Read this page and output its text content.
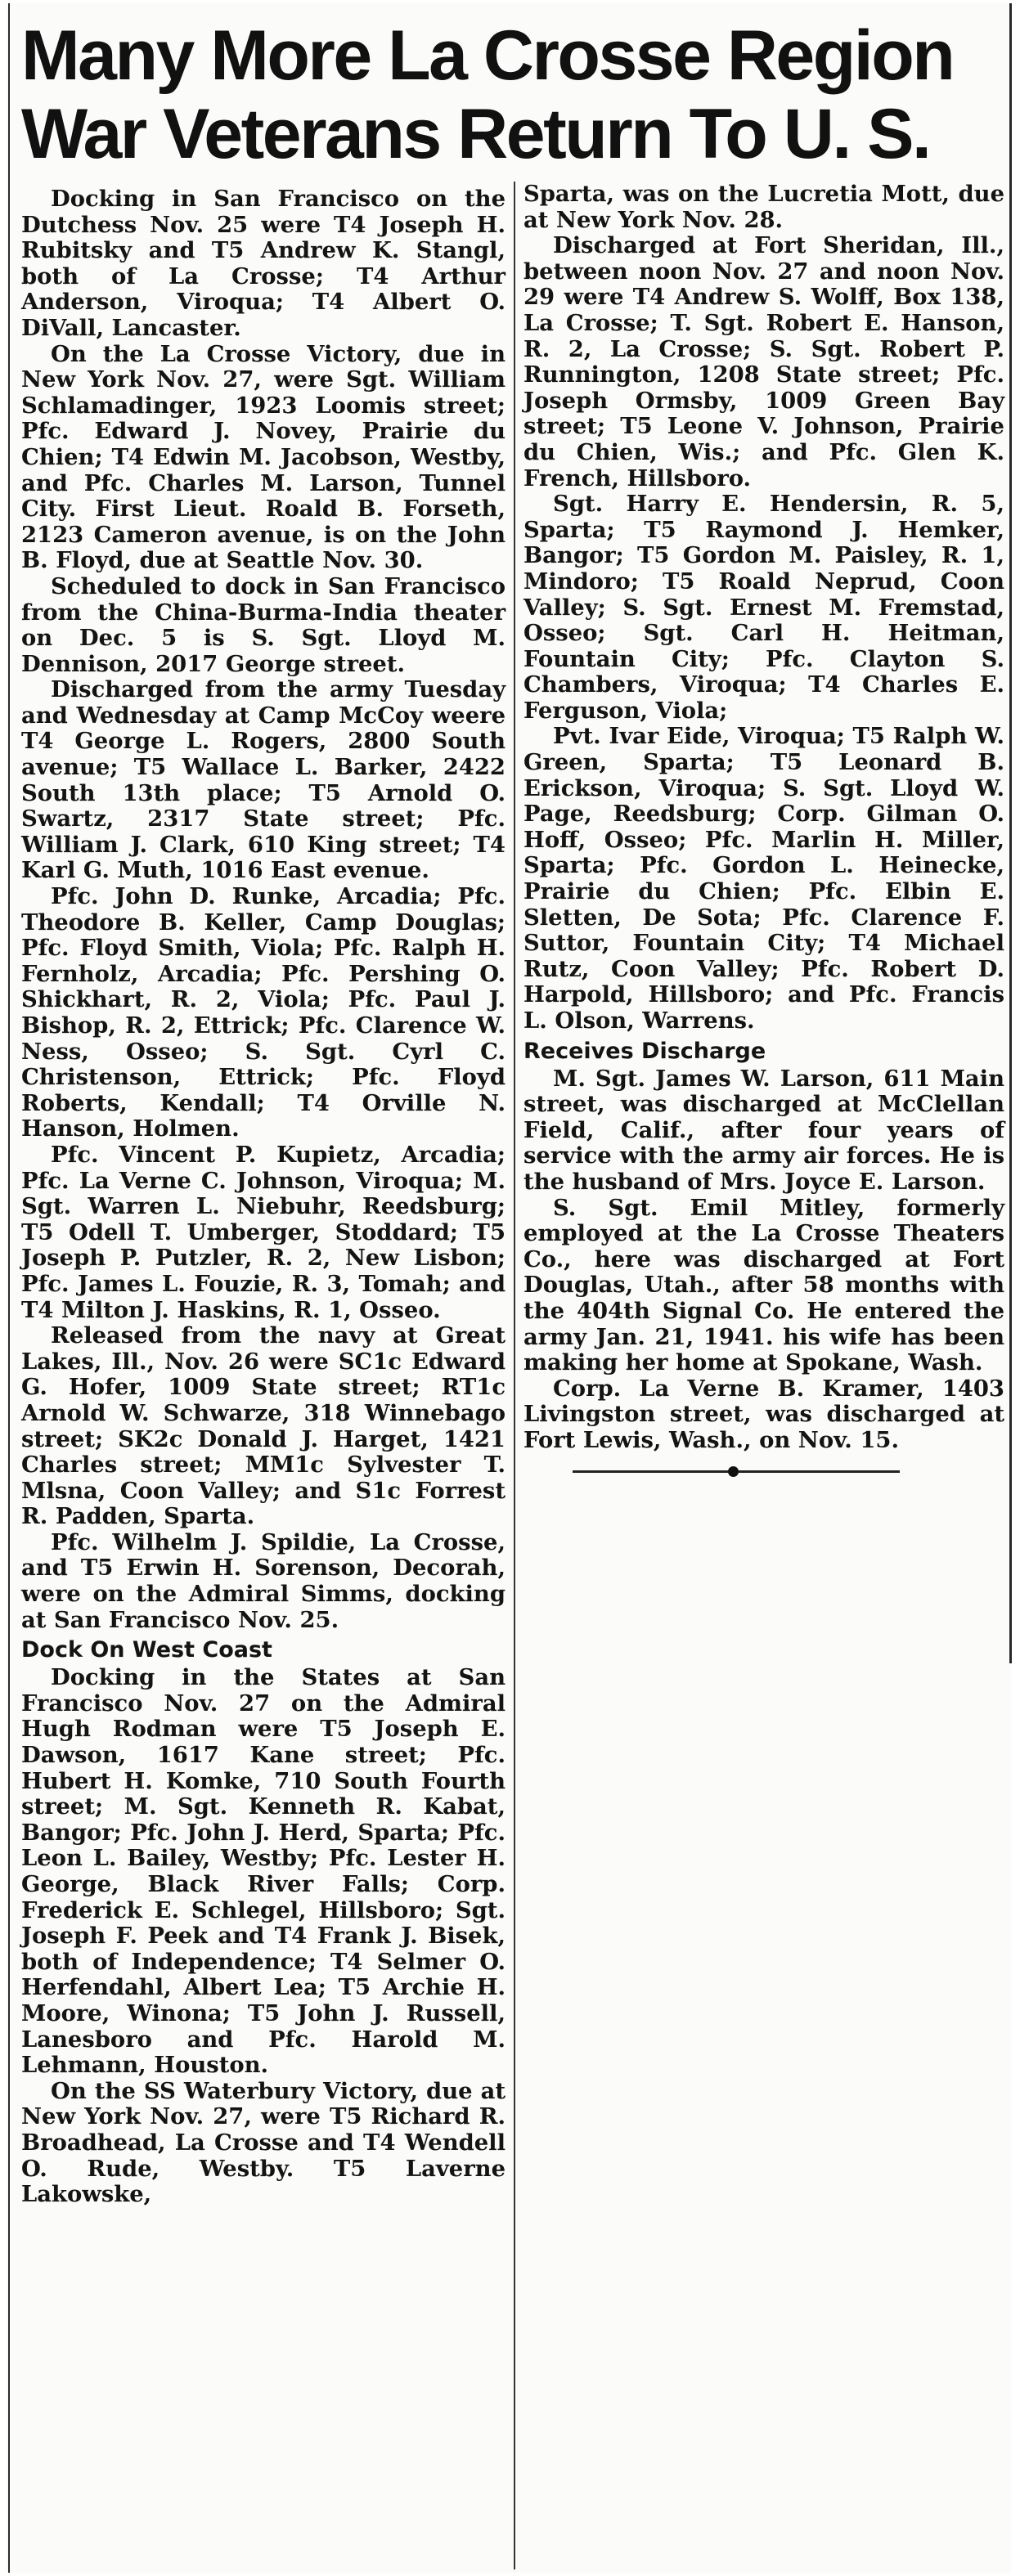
Many More La Crosse Region
War Veterans Return To U. S.

Docking in San Francisco on the Dutchess Nov. 25 were T4 Joseph H. Rubitsky and T5 Andrew K. Stangl, both of La Crosse; T4 Arthur Anderson, Viroqua; T4 Albert O. DiVall, Lancaster.

On the La Crosse Victory, due in New York Nov. 27, were Sgt. William Schlamadinger, 1923 Loomis street; Pfc. Edward J. Novey, Prairie du Chien; T4 Edwin M. Jacobson, Westby, and Pfc. Charles M. Larson, Tunnel City. First Lieut. Roald B. Forseth, 2123 Cameron avenue, is on the John B. Floyd, due at Seattle Nov. 30.

Scheduled to dock in San Francisco from the China-Burma-India theater on Dec. 5 is S. Sgt. Lloyd M. Dennison, 2017 George street.

Discharged from the army Tuesday and Wednesday at Camp McCoy weere T4 George L. Rogers, 2800 South avenue; T5 Wallace L. Barker, 2422 South 13th place; T5 Arnold O. Swartz, 2317 State street; Pfc. William J. Clark, 610 King street; T4 Karl G. Muth, 1016 East evenue.

Pfc. John D. Runke, Arcadia; Pfc. Theodore B. Keller, Camp Douglas; Pfc. Floyd Smith, Viola; Pfc. Ralph H. Fernholz, Arcadia; Pfc. Pershing O. Shickhart, R. 2, Viola; Pfc. Paul J. Bishop, R. 2, Ettrick; Pfc. Clarence W. Ness, Osseo; S. Sgt. Cyrl C. Christenson, Ettrick; Pfc. Floyd Roberts, Kendall; T4 Orville N. Hanson, Holmen.

Pfc. Vincent P. Kupietz, Arcadia; Pfc. La Verne C. Johnson, Viroqua; M. Sgt. Warren L. Niebuhr, Reedsburg; T5 Odell T. Umberger, Stoddard; T5 Joseph P. Putzler, R. 2, New Lisbon; Pfc. James L. Fouzie, R. 3, Tomah; and T4 Milton J. Haskins, R. 1, Osseo.

Released from the navy at Great Lakes, Ill., Nov. 26 were SC1c Edward G. Hofer, 1009 State street; RT1c Arnold W. Schwarze, 318 Winnebago street; SK2c Donald J. Harget, 1421 Charles street; MM1c Sylvester T. Mlsna, Coon Valley; and S1c Forrest R. Padden, Sparta.

Pfc. Wilhelm J. Spildie, La Crosse, and T5 Erwin H. Sorenson, Decorah, were on the Admiral Simms, docking at San Francisco Nov. 25.

Dock On West Coast

Docking in the States at San Francisco Nov. 27 on the Admiral Hugh Rodman were T5 Joseph E. Dawson, 1617 Kane street; Pfc. Hubert H. Komke, 710 South Fourth street; M. Sgt. Kenneth R. Kabat, Bangor; Pfc. John J. Herd, Sparta; Pfc. Leon L. Bailey, Westby; Pfc. Lester H. George, Black River Falls; Corp. Frederick E. Schlegel, Hillsboro; Sgt. Joseph F. Peek and T4 Frank J. Bisek, both of Independence; T4 Selmer O. Herfendahl, Albert Lea; T5 Archie H. Moore, Winona; T5 John J. Russell, Lanesboro and Pfc. Harold M. Lehmann, Houston.

On the SS Waterbury Victory, due at New York Nov. 27, were T5 Richard R. Broadhead, La Crosse and T4 Wendell O. Rude, Westby. T5 Laverne Lakowske,

Sparta, was on the Lucretia Mott, due at New York Nov. 28.

Discharged at Fort Sheridan, Ill., between noon Nov. 27 and noon Nov. 29 were T4 Andrew S. Wolff, Box 138, La Crosse; T. Sgt. Robert E. Hanson, R. 2, La Crosse; S. Sgt. Robert P. Runnington, 1208 State street; Pfc. Joseph Ormsby, 1009 Green Bay street; T5 Leone V. Johnson, Prairie du Chien, Wis.; and Pfc. Glen K. French, Hillsboro.

Sgt. Harry E. Hendersin, R. 5, Sparta; T5 Raymond J. Hemker, Bangor; T5 Gordon M. Paisley, R. 1, Mindoro; T5 Roald Neprud, Coon Valley; S. Sgt. Ernest M. Fremstad, Osseo; Sgt. Carl H. Heitman, Fountain City; Pfc. Clayton S. Chambers, Viroqua; T4 Charles E. Ferguson, Viola;

Pvt. Ivar Eide, Viroqua; T5 Ralph W. Green, Sparta; T5 Leonard B. Erickson, Viroqua; S. Sgt. Lloyd W. Page, Reedsburg; Corp. Gilman O. Hoff, Osseo; Pfc. Marlin H. Miller, Sparta; Pfc. Gordon L. Heinecke, Prairie du Chien; Pfc. Elbin E. Sletten, De Sota; Pfc. Clarence F. Suttor, Fountain City; T4 Michael Rutz, Coon Valley; Pfc. Robert D. Harpold, Hillsboro; and Pfc. Francis L. Olson, Warrens.

Receives Discharge

M. Sgt. James W. Larson, 611 Main street, was discharged at McClellan Field, Calif., after four years of service with the army air forces. He is the husband of Mrs. Joyce E. Larson.

S. Sgt. Emil Mitley, formerly employed at the La Crosse Theaters Co., here was discharged at Fort Douglas, Utah., after 58 months with the 404th Signal Co. He entered the army Jan. 21, 1941. his wife has been making her home at Spokane, Wash.

Corp. La Verne B. Kramer, 1403 Livingston street, was discharged at Fort Lewis, Wash., on Nov. 15.
